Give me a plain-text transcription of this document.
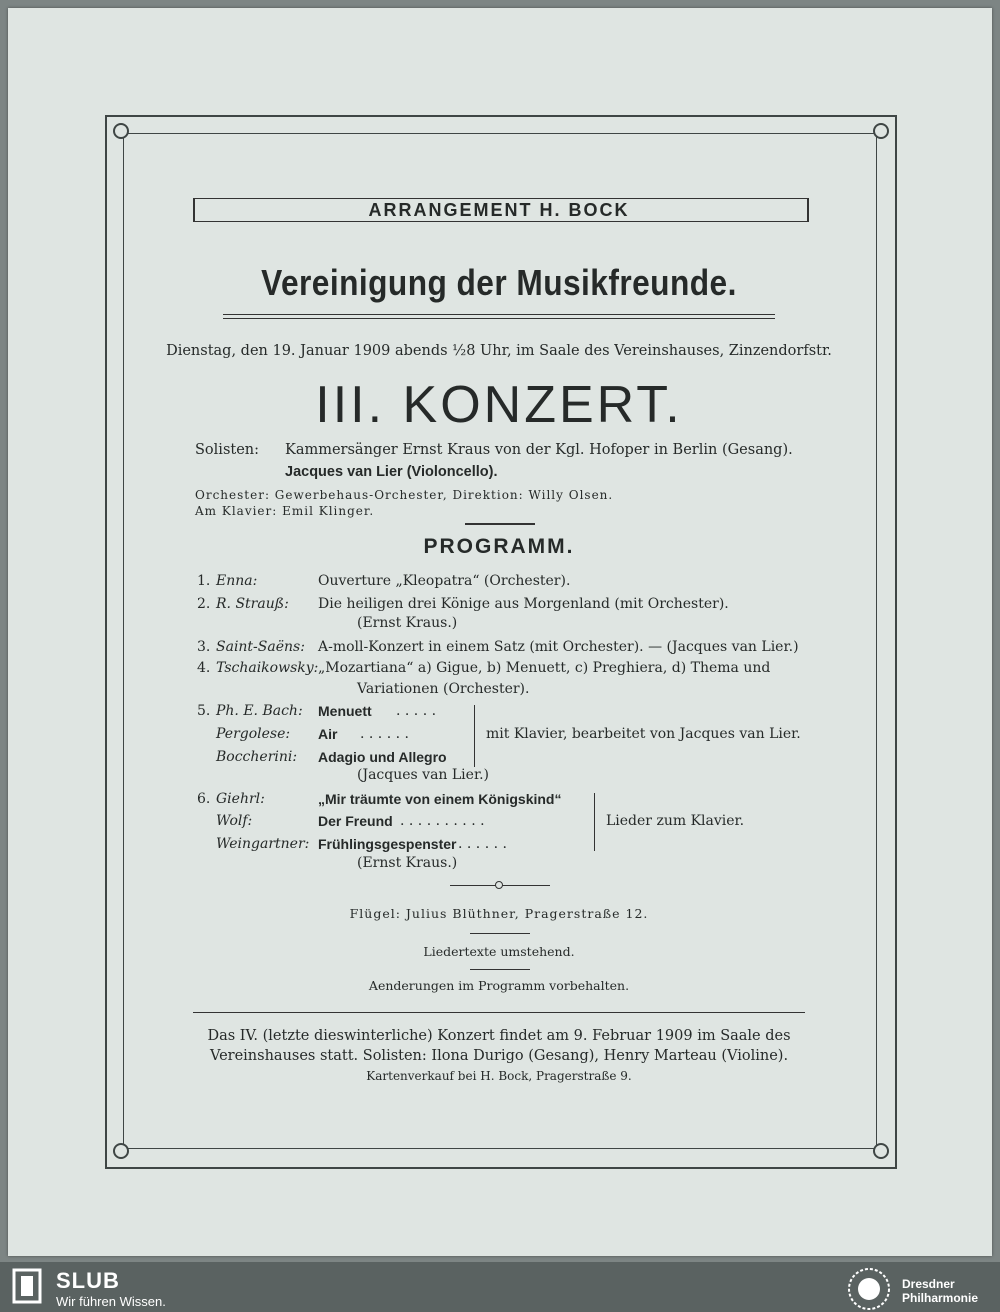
ARRANGEMENT H. BOCK
Vereinigung der Musikfreunde.
Dienstag, den 19. Januar 1909 abends ½8 Uhr, im Saale des Vereinshauses, Zinzendorfstr.
III. KONZERT.
Solisten: Kammersänger Ernst Kraus von der Kgl. Hofoper in Berlin (Gesang).
Jacques van Lier (Violoncello).
Orchester: Gewerbehaus-Orchester, Direktion: Willy Olsen.
Am Klavier: Emil Klinger.
PROGRAMM.
1. Enna:	Ouverture „Kleopatra“ (Orchester).
2. R. Strauß: Die heiligen drei Könige aus Morgenland (mit Orchester).
(Ernst Kraus.)
3. Saint-Saëns: A-moll-Konzert in einem Satz (mit Orchester). — (Jacques van Lier.)
4. Tschaikowsky: „Mozartiana“ a) Gigue, b) Menuett, c) Preghiera, d) Thema und
Variationen (Orchester).
5. Ph. E. Bach: Menuett . . . . .
Pergolese: Air . . . . . .
Boccherini: Adagio und Allegro
mit Klavier, bearbeitet von Jacques van Lier.
(Jacques van Lier.)
6. Giehrl:	„Mir träumte von einem Königskind“
Wolf:	Der Freund . . . . . . . . . .
Weingartner: Frühlingsgespenster . . . . . .
Lieder zum Klavier.
(Ernst Kraus.)
Flügel: Julius Blüthner, Pragerstraße 12.
Liedertexte umstehend.
Aenderungen im Programm vorbehalten.
Das IV. (letzte dieswinterliche) Konzert findet am 9. Februar 1909 im Saale des
Vereinshauses statt. Solisten: Ilona Durigo (Gesang), Henry Marteau (Violine).
Kartenverkauf bei H. Bock, Pragerstraße 9.
SLUB
Wir führen Wissen.
Dresdner
Philharmonie
